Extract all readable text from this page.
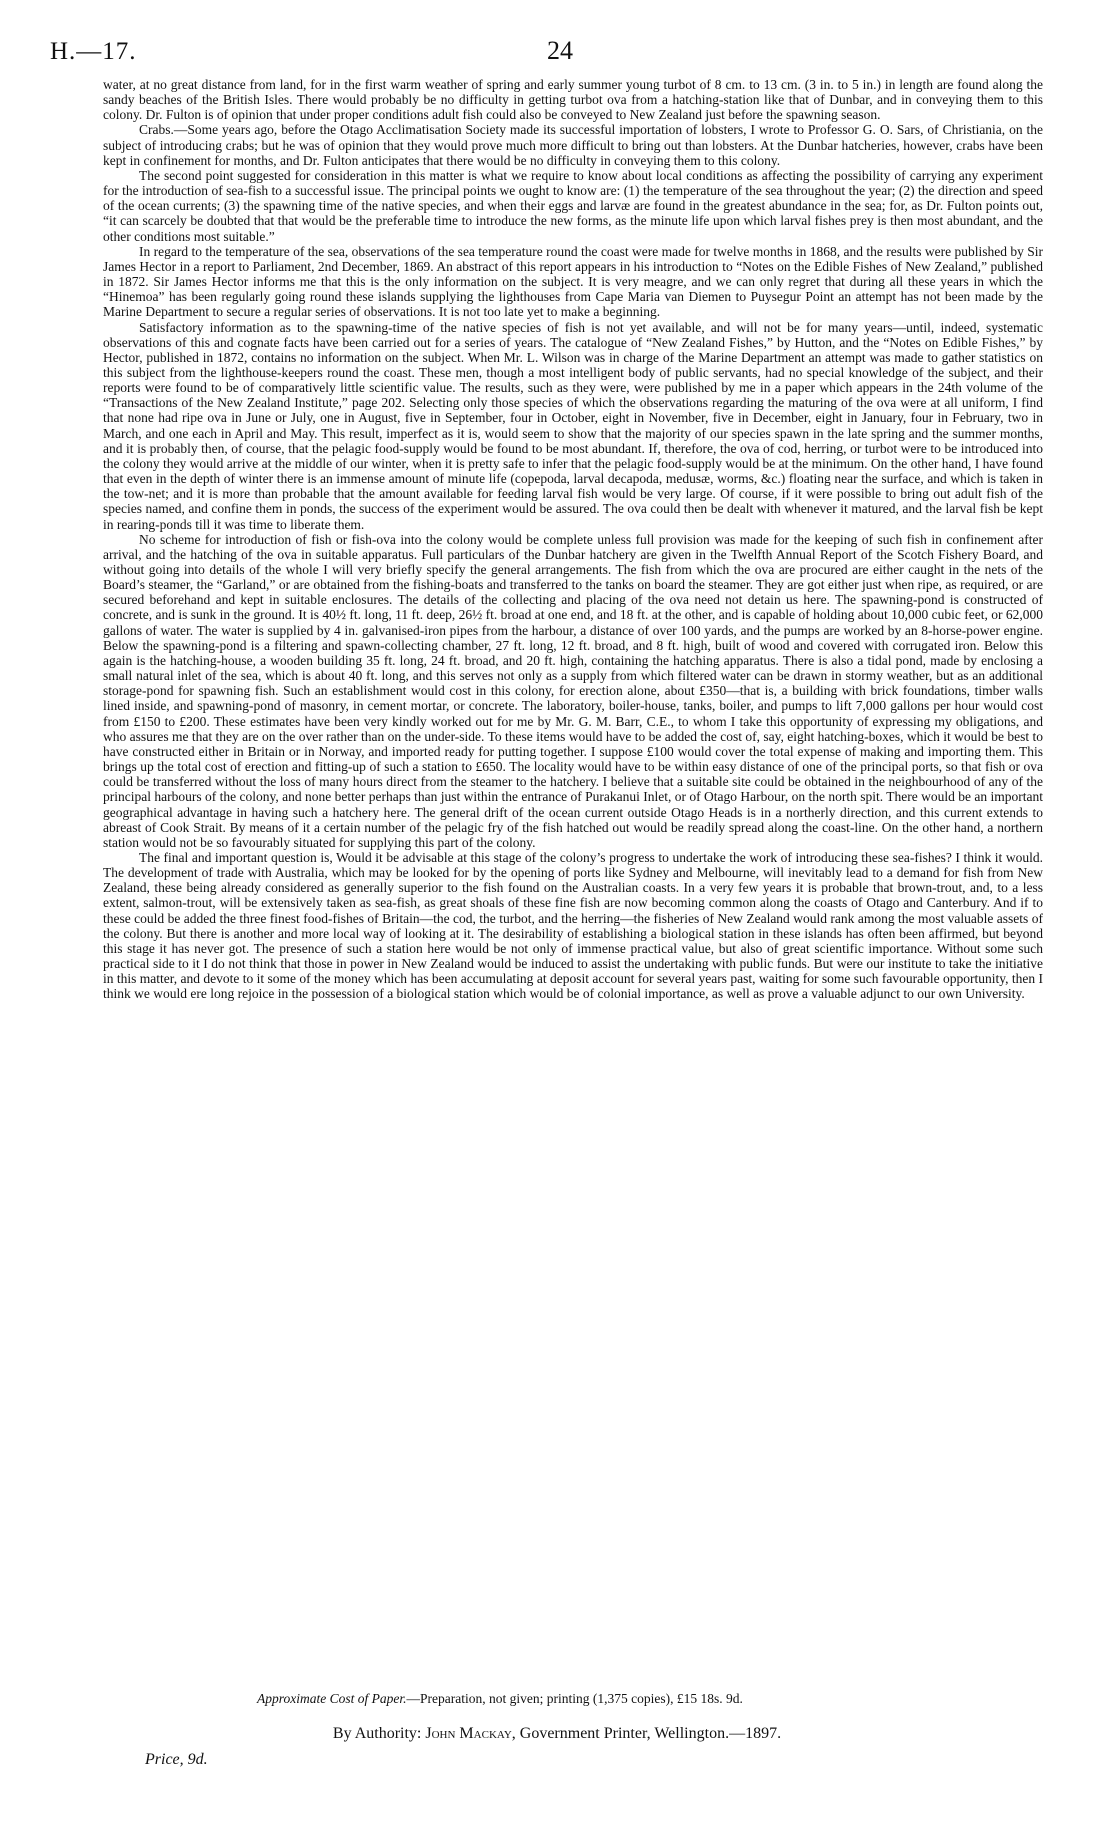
H.—17.	24

water, at no great distance from land, for in the first warm weather of spring and early summer young turbot of 8 cm. to 13 cm. (3 in. to 5 in.) in length are found along the sandy beaches of the British Isles. There would probably be no difficulty in getting turbot ova from a hatching-station like that of Dunbar, and in conveying them to this colony. Dr. Fulton is of opinion that under proper conditions adult fish could also be conveyed to New Zealand just before the spawning season.

Crabs.—Some years ago, before the Otago Acclimatisation Society made its successful importation of lobsters, I wrote to Professor G. O. Sars, of Christiania, on the subject of introducing crabs; but he was of opinion that they would prove much more difficult to bring out than lobsters. At the Dunbar hatcheries, however, crabs have been kept in confinement for months, and Dr. Fulton anticipates that there would be no difficulty in conveying them to this colony.

The second point suggested for consideration in this matter is what we require to know about local conditions as affecting the possibility of carrying any experiment for the introduction of sea-fish to a successful issue. The principal points we ought to know are: (1) the temperature of the sea throughout the year; (2) the direction and speed of the ocean currents; (3) the spawning time of the native species, and when their eggs and larvæ are found in the greatest abundance in the sea; for, as Dr. Fulton points out, “it can scarcely be doubted that that would be the preferable time to introduce the new forms, as the minute life upon which larval fishes prey is then most abundant, and the other conditions most suitable.”

In regard to the temperature of the sea, observations of the sea temperature round the coast were made for twelve months in 1868, and the results were published by Sir James Hector in a report to Parliament, 2nd December, 1869. An abstract of this report appears in his introduction to “Notes on the Edible Fishes of New Zealand,” published in 1872. Sir James Hector informs me that this is the only information on the subject. It is very meagre, and we can only regret that during all these years in which the “Hinemoa” has been regularly going round these islands supplying the lighthouses from Cape Maria van Diemen to Puysegur Point an attempt has not been made by the Marine Department to secure a regular series of observations. It is not too late yet to make a beginning.

Satisfactory information as to the spawning-time of the native species of fish is not yet available, and will not be for many years—until, indeed, systematic observations of this and cognate facts have been carried out for a series of years. The catalogue of “New Zealand Fishes,” by Hutton, and the “Notes on Edible Fishes,” by Hector, published in 1872, contains no information on the subject. When Mr. L. Wilson was in charge of the Marine Department an attempt was made to gather statistics on this subject from the lighthouse-keepers round the coast. These men, though a most intelligent body of public servants, had no special knowledge of the subject, and their reports were found to be of comparatively little scientific value. The results, such as they were, were published by me in a paper which appears in the 24th volume of the “Transactions of the New Zealand Institute,” page 202. Selecting only those species of which the observations regarding the maturing of the ova were at all uniform, I find that none had ripe ova in June or July, one in August, five in September, four in October, eight in November, five in December, eight in January, four in February, two in March, and one each in April and May. This result, imperfect as it is, would seem to show that the majority of our species spawn in the late spring and the summer months, and it is probably then, of course, that the pelagic food-supply would be found to be most abundant. If, therefore, the ova of cod, herring, or turbot were to be introduced into the colony they would arrive at the middle of our winter, when it is pretty safe to infer that the pelagic food-supply would be at the minimum. On the other hand, I have found that even in the depth of winter there is an immense amount of minute life (copepoda, larval decapoda, medusæ, worms, &c.) floating near the surface, and which is taken in the tow-net; and it is more than probable that the amount available for feeding larval fish would be very large. Of course, if it were possible to bring out adult fish of the species named, and confine them in ponds, the success of the experiment would be assured. The ova could then be dealt with whenever it matured, and the larval fish be kept in rearing-ponds till it was time to liberate them.

No scheme for introduction of fish or fish-ova into the colony would be complete unless full provision was made for the keeping of such fish in confinement after arrival, and the hatching of the ova in suitable apparatus. Full particulars of the Dunbar hatchery are given in the Twelfth Annual Report of the Scotch Fishery Board, and without going into details of the whole I will very briefly specify the general arrangements. The fish from which the ova are procured are either caught in the nets of the Board’s steamer, the “Garland,” or are obtained from the fishing-boats and transferred to the tanks on board the steamer. They are got either just when ripe, as required, or are secured beforehand and kept in suitable enclosures. The details of the collecting and placing of the ova need not detain us here. The spawning-pond is constructed of concrete, and is sunk in the ground. It is 40½ ft. long, 11 ft. deep, 26½ ft. broad at one end, and 18 ft. at the other, and is capable of holding about 10,000 cubic feet, or 62,000 gallons of water. The water is supplied by 4 in. galvanised-iron pipes from the harbour, a distance of over 100 yards, and the pumps are worked by an 8-horse-power engine. Below the spawning-pond is a filtering and spawn-collecting chamber, 27 ft. long, 12 ft. broad, and 8 ft. high, built of wood and covered with corrugated iron. Below this again is the hatching-house, a wooden building 35 ft. long, 24 ft. broad, and 20 ft. high, containing the hatching apparatus. There is also a tidal pond, made by enclosing a small natural inlet of the sea, which is about 40 ft. long, and this serves not only as a supply from which filtered water can be drawn in stormy weather, but as an additional storage-pond for spawning fish. Such an establishment would cost in this colony, for erection alone, about £350—that is, a building with brick foundations, timber walls lined inside, and spawning-pond of masonry, in cement mortar, or concrete. The laboratory, boiler-house, tanks, boiler, and pumps to lift 7,000 gallons per hour would cost from £150 to £200. These estimates have been very kindly worked out for me by Mr. G. M. Barr, C.E., to whom I take this opportunity of expressing my obligations, and who assures me that they are on the over rather than on the under-side. To these items would have to be added the cost of, say, eight hatching-boxes, which it would be best to have constructed either in Britain or in Norway, and imported ready for putting together. I suppose £100 would cover the total expense of making and importing them. This brings up the total cost of erection and fitting-up of such a station to £650. The locality would have to be within easy distance of one of the principal ports, so that fish or ova could be transferred without the loss of many hours direct from the steamer to the hatchery. I believe that a suitable site could be obtained in the neighbourhood of any of the principal harbours of the colony, and none better perhaps than just within the entrance of Purakanui Inlet, or of Otago Harbour, on the north spit. There would be an important geographical advantage in having such a hatchery here. The general drift of the ocean current outside Otago Heads is in a northerly direction, and this current extends to abreast of Cook Strait. By means of it a certain number of the pelagic fry of the fish hatched out would be readily spread along the coast-line. On the other hand, a northern station would not be so favourably situated for supplying this part of the colony.

The final and important question is, Would it be advisable at this stage of the colony’s progress to undertake the work of introducing these sea-fishes? I think it would. The development of trade with Australia, which may be looked for by the opening of ports like Sydney and Melbourne, will inevitably lead to a demand for fish from New Zealand, these being already considered as generally superior to the fish found on the Australian coasts. In a very few years it is probable that brown-trout, and, to a less extent, salmon-trout, will be extensively taken as sea-fish, as great shoals of these fine fish are now becoming common along the coasts of Otago and Canterbury. And if to these could be added the three finest food-fishes of Britain—the cod, the turbot, and the herring—the fisheries of New Zealand would rank among the most valuable assets of the colony. But there is another and more local way of looking at it. The desirability of establishing a biological station in these islands has often been affirmed, but beyond this stage it has never got. The presence of such a station here would be not only of immense practical value, but also of great scientific importance. Without some such practical side to it I do not think that those in power in New Zealand would be induced to assist the undertaking with public funds. But were our institute to take the initiative in this matter, and devote to it some of the money which has been accumulating at deposit account for several years past, waiting for some such favourable opportunity, then I think we would ere long rejoice in the possession of a biological station which would be of colonial importance, as well as prove a valuable adjunct to our own University.

Approximate Cost of Paper.—Preparation, not given; printing (1,375 copies), £15 18s. 9d.
By Authority: John Mackay, Government Printer, Wellington.—1897.
Price, 9d.
